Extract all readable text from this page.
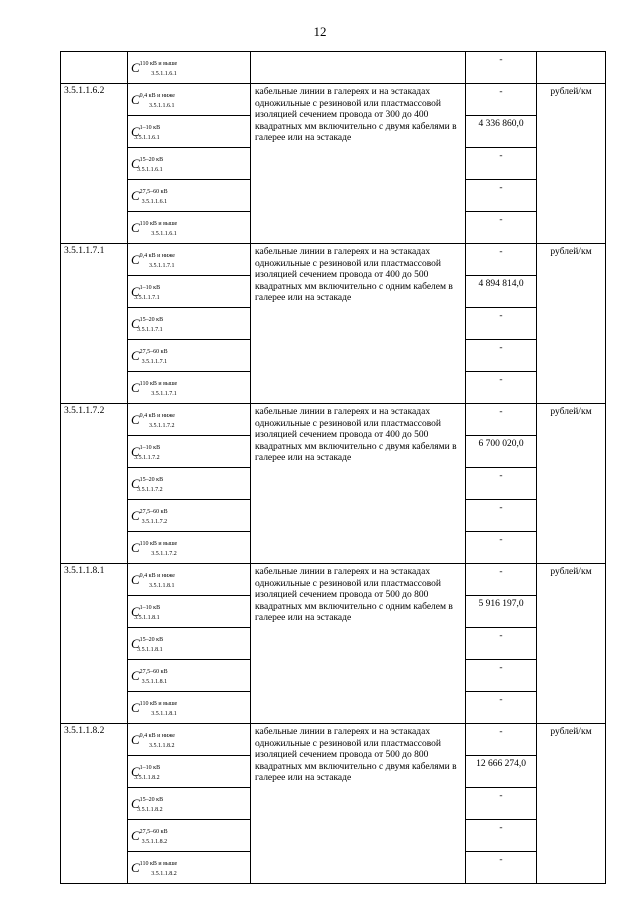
12
	$C^{110 кВ и выше}3.5.1.1.6.1$		-	
3.5.1.1.6.2	$C^{0,4 кВ и ниже}3.5.1.1.6.1$	кабельные линии в галереях и на эстакадах одножильные с резиновой или пластмассовой изоляцией сечением провода от 300 до 400 квадратных мм включительно с двумя кабелями в галерее или на эстакаде	-	рублей/км
	$C^{1-10 кВ}3.5.1.1.6.1$		4 336 860,0	
	$C^{15-20 кВ}3.5.1.1.6.1$		-	
	$C^{27,5-60 кВ}3.5.1.1.6.1$		-	
	$C^{110 кВ и выше}3.5.1.1.6.1$		-	
3.5.1.1.7.1	$C^{0,4 кВ и ниже}3.5.1.1.7.1$	кабельные линии в галереях и на эстакадах одножильные с резиновой или пластмассовой изоляцией сечением провода от 400 до 500 квадратных мм включительно с одним кабелем в галерее или на эстакаде	-	рублей/км
	$C^{1-10 кВ}3.5.1.1.7.1$		4 894 814,0	
	$C^{15-20 кВ}3.5.1.1.7.1$		-	
	$C^{27,5-60 кВ}3.5.1.1.7.1$		-	
	$C^{110 кВ и выше}3.5.1.1.7.1$		-	
3.5.1.1.7.2	$C^{0,4 кВ и ниже}3.5.1.1.7.2$	кабельные линии в галереях и на эстакадах одножильные с резиновой или пластмассовой изоляцией сечением провода от 400 до 500 квадратных мм включительно с двумя кабелями в галерее или на эстакаде	-	рублей/км
	$C^{1-10 кВ}3.5.1.1.7.2$		6 700 020,0	
	$C^{15-20 кВ}3.5.1.1.7.2$		-	
	$C^{27,5-60 кВ}3.5.1.1.7.2$		-	
	$C^{110 кВ и выше}3.5.1.1.7.2$		-	
3.5.1.1.8.1	$C^{0,4 кВ и ниже}3.5.1.1.8.1$	кабельные линии в галереях и на эстакадах одножильные с резиновой или пластмассовой изоляцией сечением провода от 500 до 800 квадратных мм включительно с одним кабелем в галерее или на эстакаде	-	рублей/км
	$C^{1-10 кВ}3.5.1.1.8.1$		5 916 197,0	
	$C^{15-20 кВ}3.5.1.1.8.1$		-	
	$C^{27,5-60 кВ}3.5.1.1.8.1$		-	
	$C^{110 кВ и выше}3.5.1.1.8.1$		-	
3.5.1.1.8.2	$C^{0,4 кВ и ниже}3.5.1.1.8.2$	кабельные линии в галереях и на эстакадах одножильные с резиновой или пластмассовой изоляцией сечением провода от 500 до 800 квадратных мм включительно с двумя кабелями в галерее или на эстакаде	-	рублей/км
	$C^{1-10 кВ}3.5.1.1.8.2$		12 666 274,0	
	$C^{15-20 кВ}3.5.1.1.8.2$		-	
	$C^{27,5-60 кВ}3.5.1.1.8.2$		-	
	$C^{110 кВ и выше}3.5.1.1.8.2$		-	
